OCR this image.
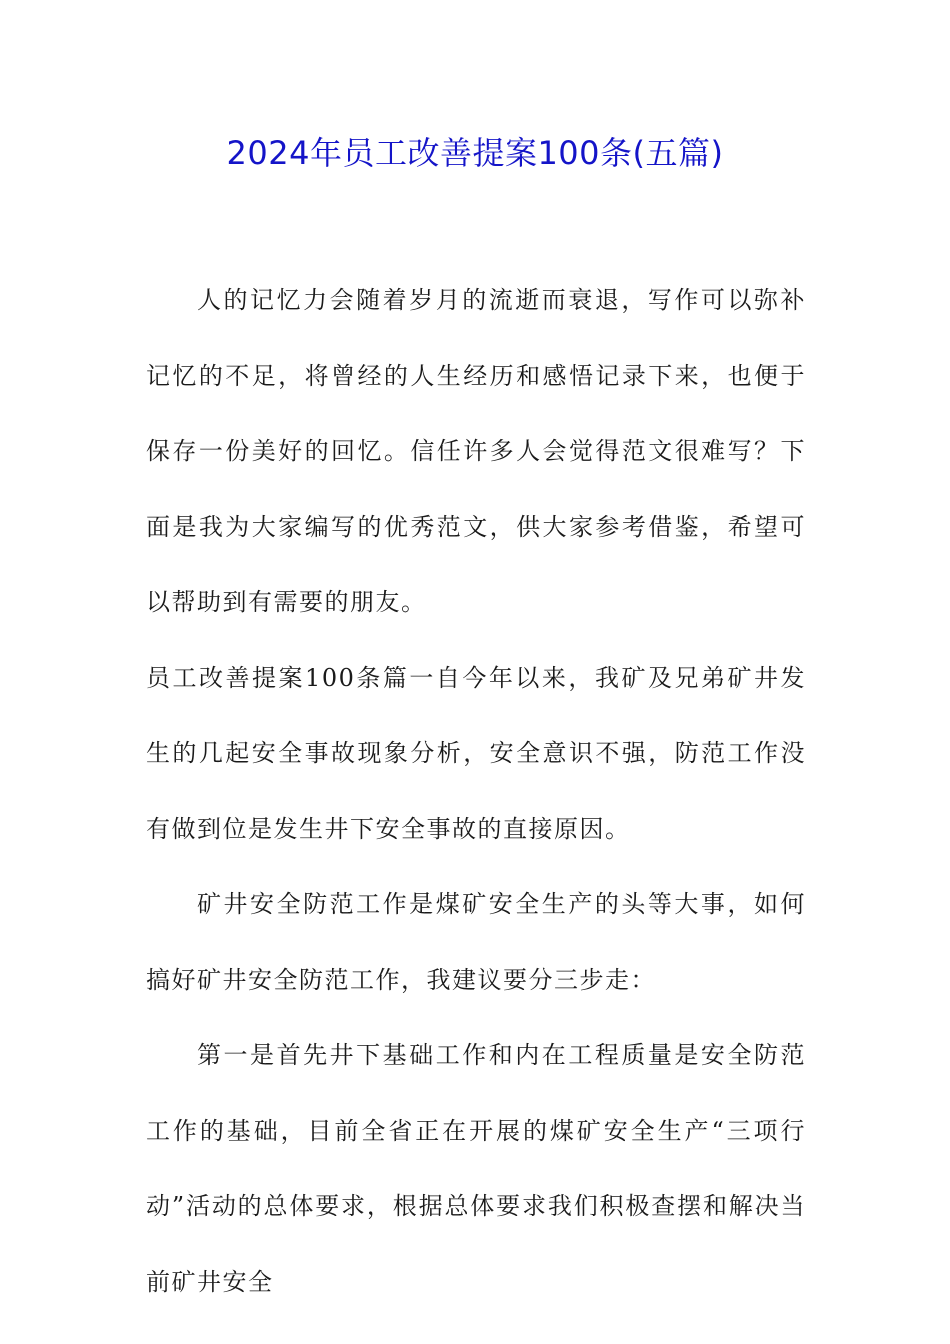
2024年员工改善提案100条(五篇)

人的记忆力会随着岁月的流逝而衰退，写作可以弥补记忆的不足，将曾经的人生经历和感悟记录下来，也便于保存一份美好的回忆。信任许多人会觉得范文很难写？下面是我为大家编写的优秀范文，供大家参考借鉴，希望可以帮助到有需要的朋友。

员工改善提案100条篇一自今年以来，我矿及兄弟矿井发生的几起安全事故现象分析，安全意识不强，防范工作没有做到位是发生井下安全事故的直接原因。

矿井安全防范工作是煤矿安全生产的头等大事，如何搞好矿井安全防范工作，我建议要分三步走：

第一是首先井下基础工作和内在工程质量是安全防范工作的基础，目前全省正在开展的煤矿安全生产“三项行动”活动的总体要求，根据总体要求我们积极查摆和解决当前矿井安全
